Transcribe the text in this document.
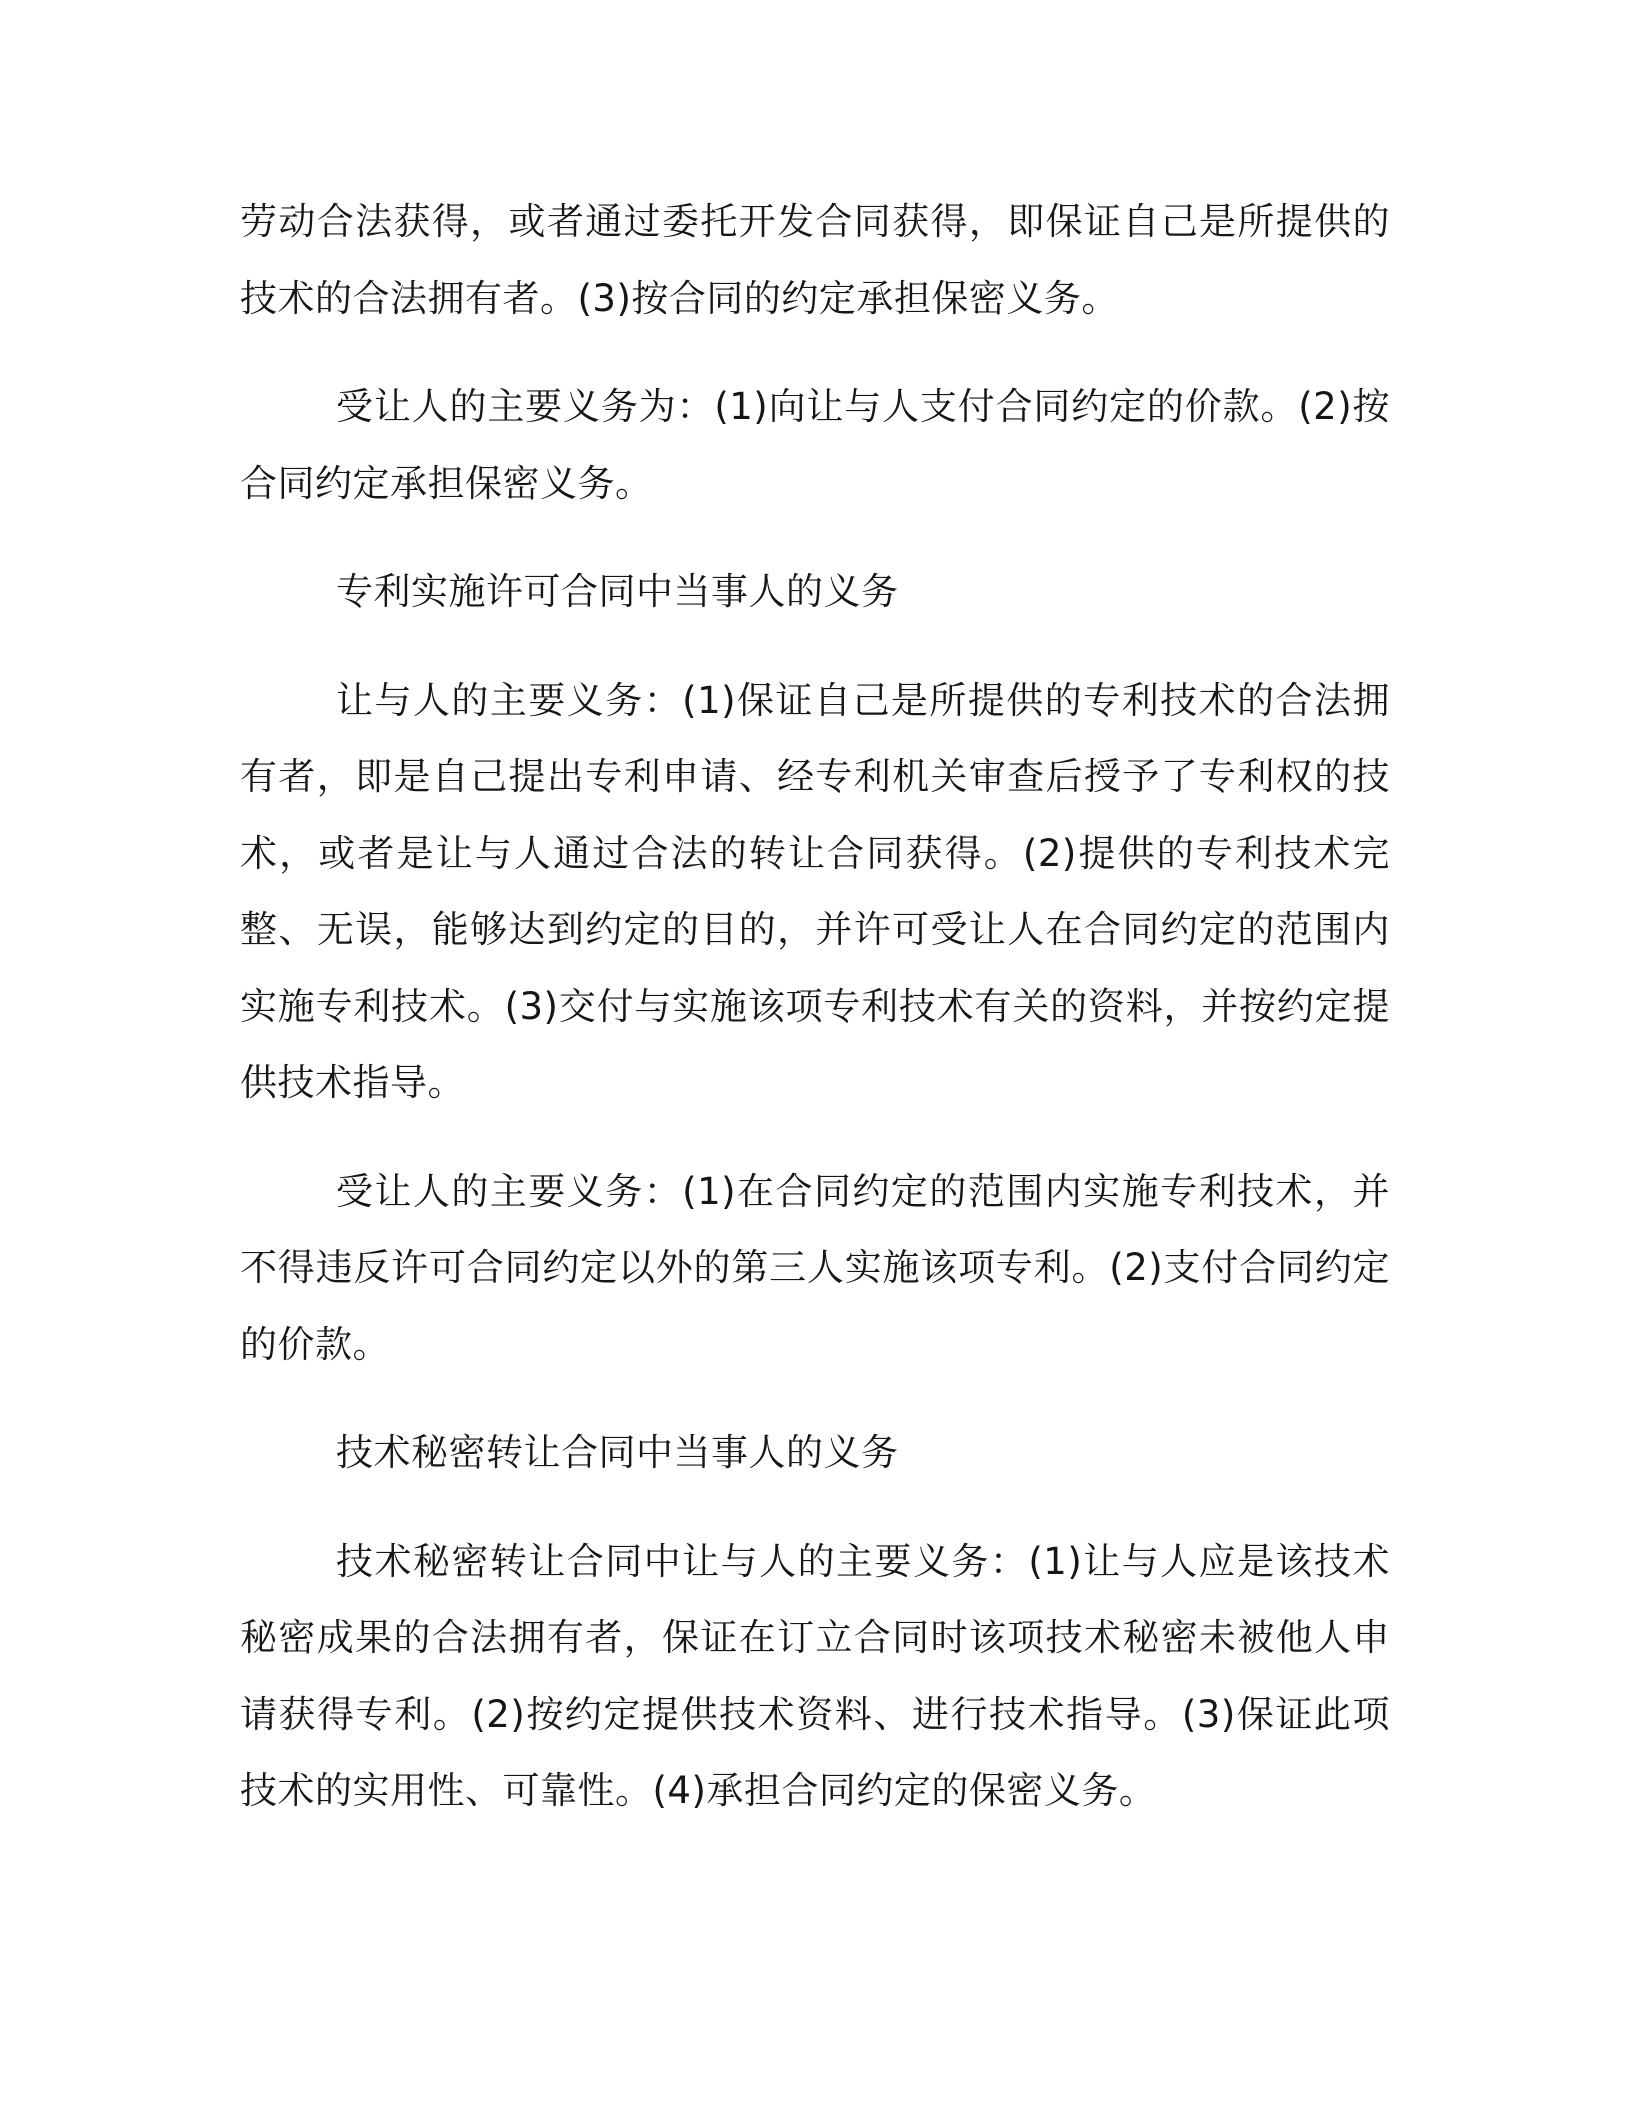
劳动合法获得，或者通过委托开发合同获得，即保证自己是所提供的技术的合法拥有者。(3)按合同的约定承担保密义务。

受让人的主要义务为：(1)向让与人支付合同约定的价款。(2)按合同约定承担保密义务。

专利实施许可合同中当事人的义务

让与人的主要义务：(1)保证自己是所提供的专利技术的合法拥有者，即是自己提出专利申请、经专利机关审查后授予了专利权的技术，或者是让与人通过合法的转让合同获得。(2)提供的专利技术完整、无误，能够达到约定的目的，并许可受让人在合同约定的范围内实施专利技术。(3)交付与实施该项专利技术有关的资料，并按约定提供技术指导。

受让人的主要义务：(1)在合同约定的范围内实施专利技术，并不得违反许可合同约定以外的第三人实施该项专利。(2)支付合同约定的价款。

技术秘密转让合同中当事人的义务

技术秘密转让合同中让与人的主要义务：(1)让与人应是该技术秘密成果的合法拥有者，保证在订立合同时该项技术秘密未被他人申请获得专利。(2)按约定提供技术资料、进行技术指导。(3)保证此项技术的实用性、可靠性。(4)承担合同约定的保密义务。
